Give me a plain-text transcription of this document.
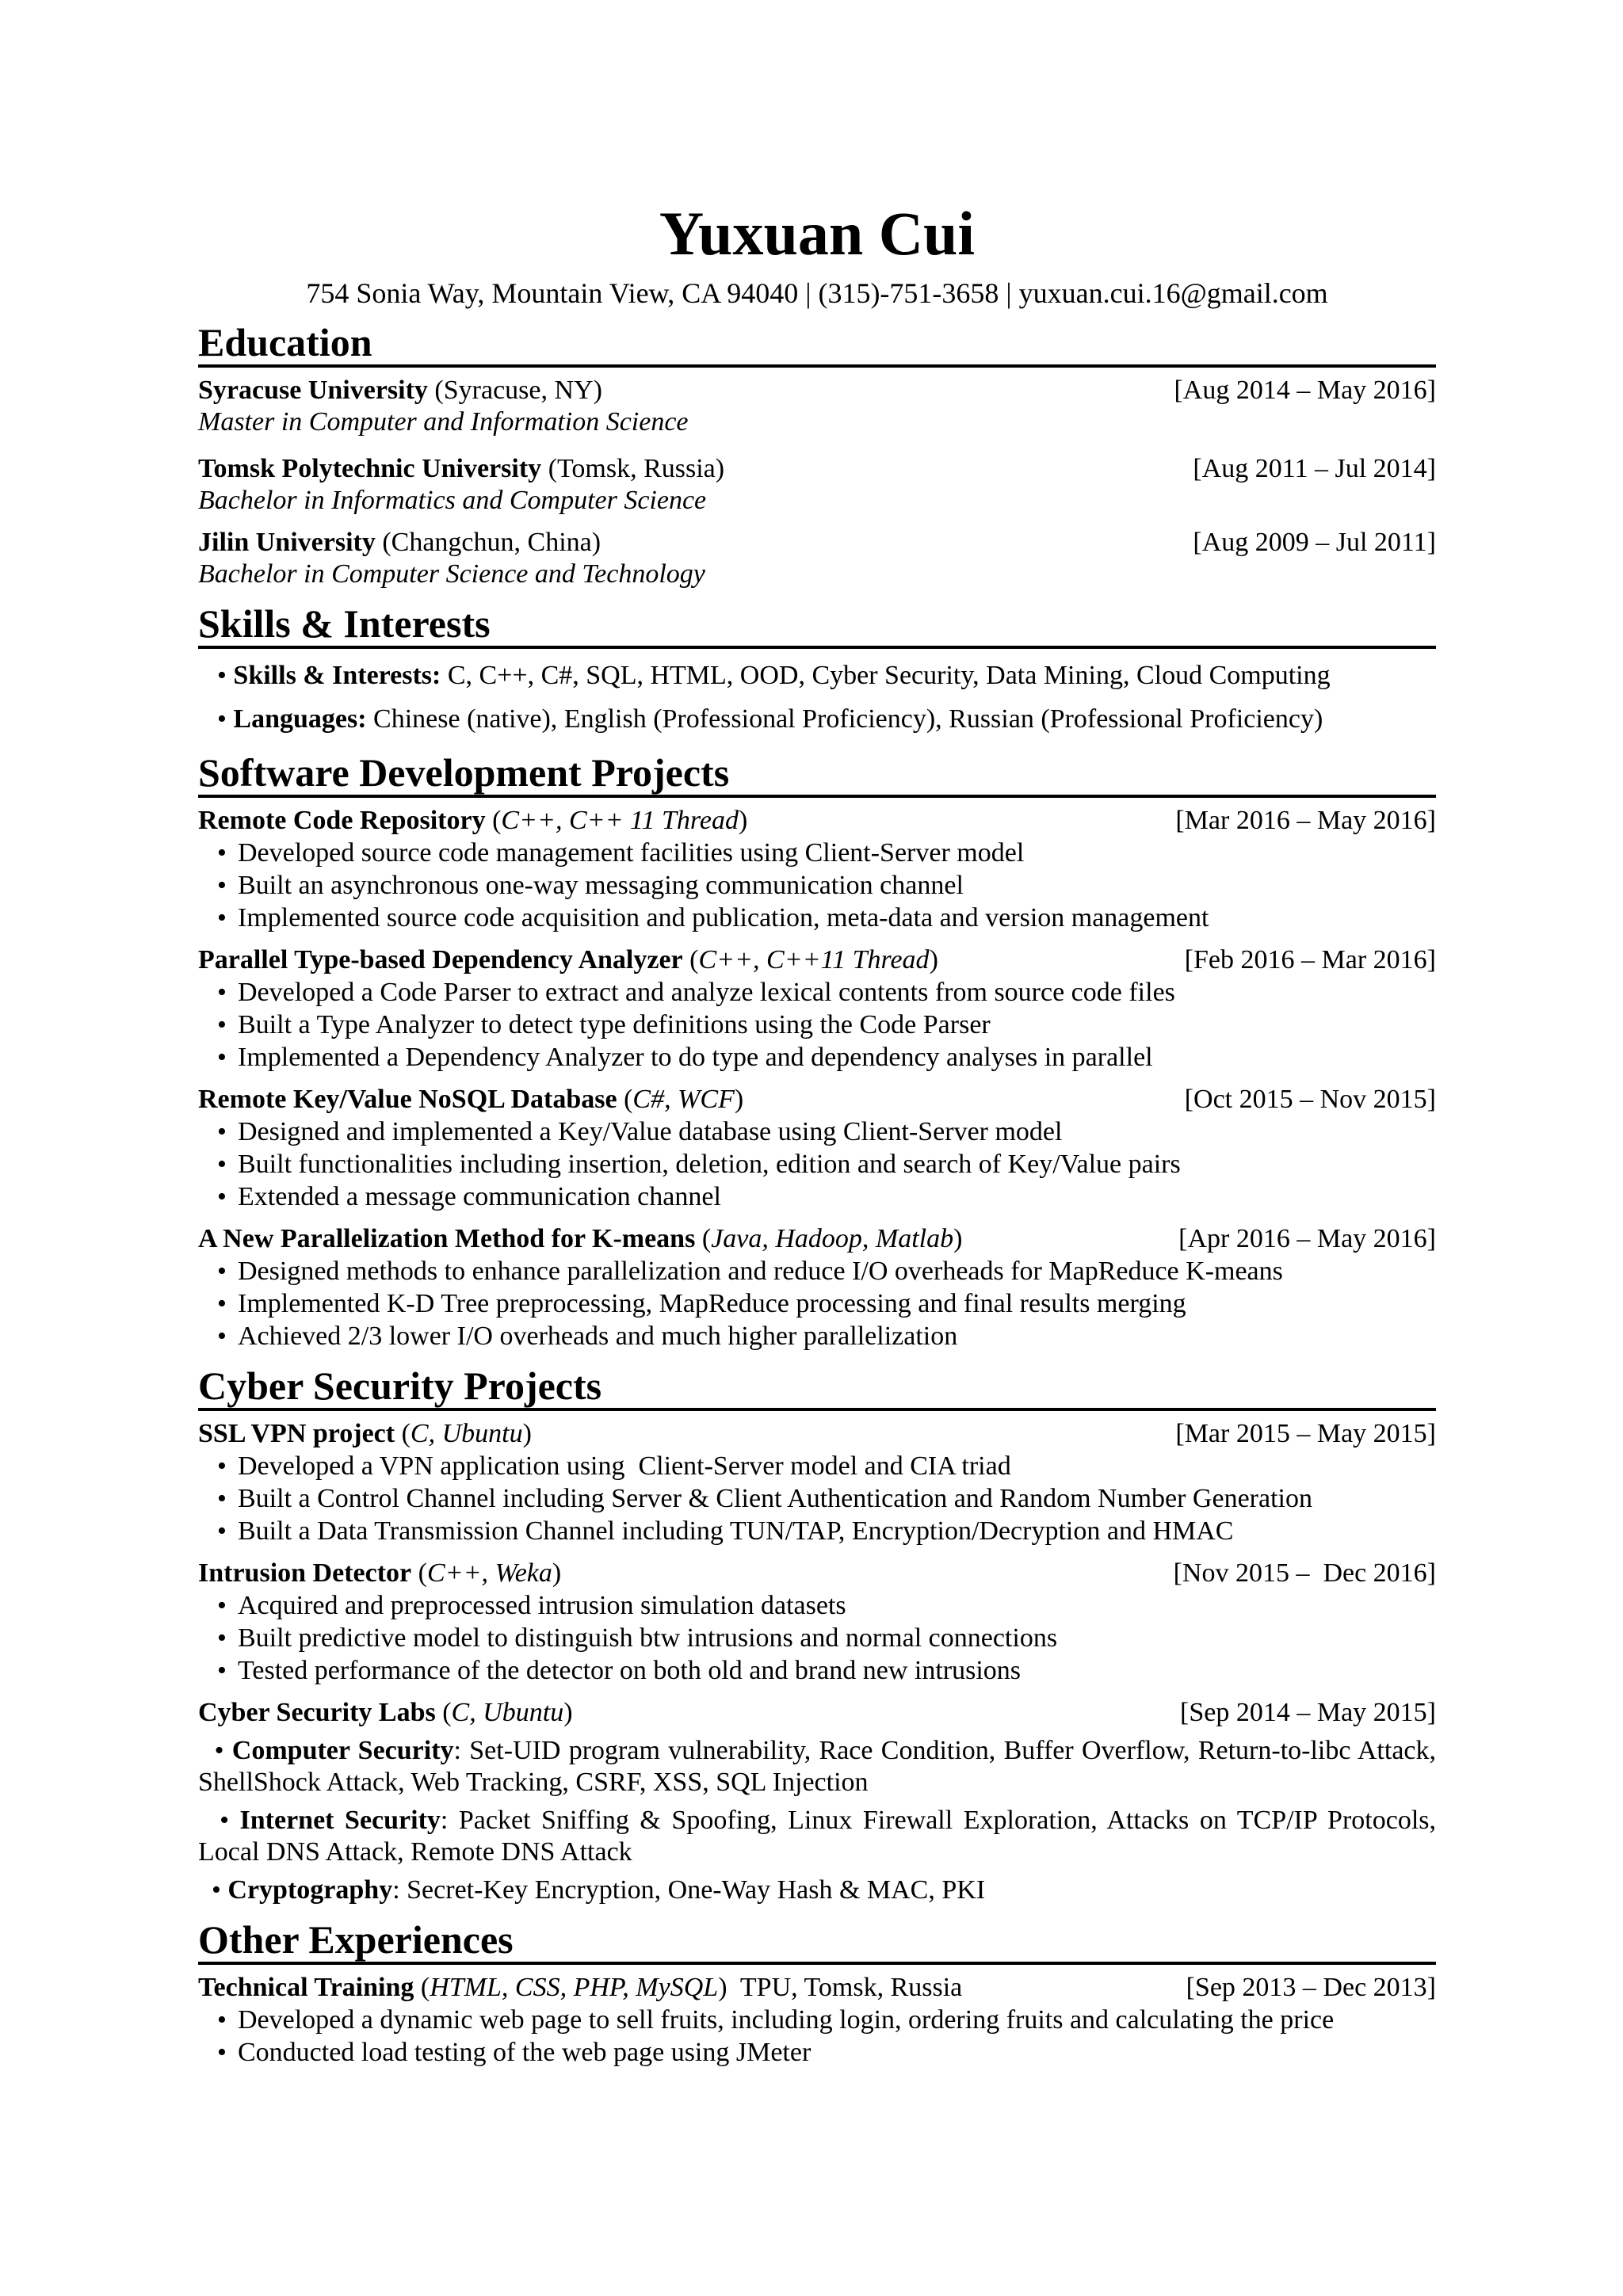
Yuxuan Cui
754 Sonia Way, Mountain View, CA 94040 | (315)-751-3658 | yuxuan.cui.16@gmail.com
Education
Syracuse University (Syracuse, NY)	[Aug 2014 – May 2016]
Master in Computer and Information Science
Tomsk Polytechnic University (Tomsk, Russia)	[Aug 2011 – Jul 2014]
Bachelor in Informatics and Computer Science
Jilin University (Changchun, China)	[Aug 2009 – Jul 2011]
Bachelor in Computer Science and Technology
Skills & Interests
• Skills & Interests: C, C++, C#, SQL, HTML, OOD, Cyber Security, Data Mining, Cloud Computing
• Languages: Chinese (native), English (Professional Proficiency), Russian (Professional Proficiency)
Software Development Projects
Remote Code Repository (C++, C++ 11 Thread)	[Mar 2016 – May 2016]
• Developed source code management facilities using Client-Server model
• Built an asynchronous one-way messaging communication channel
• Implemented source code acquisition and publication, meta-data and version management
Parallel Type-based Dependency Analyzer (C++, C++11 Thread)	[Feb 2016 – Mar 2016]
• Developed a Code Parser to extract and analyze lexical contents from source code files
• Built a Type Analyzer to detect type definitions using the Code Parser
• Implemented a Dependency Analyzer to do type and dependency analyses in parallel
Remote Key/Value NoSQL Database (C#, WCF)	[Oct 2015 – Nov 2015]
• Designed and implemented a Key/Value database using Client-Server model
• Built functionalities including insertion, deletion, edition and search of Key/Value pairs
• Extended a message communication channel
A New Parallelization Method for K-means (Java, Hadoop, Matlab)	[Apr 2016 – May 2016]
• Designed methods to enhance parallelization and reduce I/O overheads for MapReduce K-means
• Implemented K-D Tree preprocessing, MapReduce processing and final results merging
• Achieved 2/3 lower I/O overheads and much higher parallelization
Cyber Security Projects
SSL VPN project (C, Ubuntu)	[Mar 2015 – May 2015]
• Developed a VPN application using  Client-Server model and CIA triad
• Built a Control Channel including Server & Client Authentication and Random Number Generation
• Built a Data Transmission Channel including TUN/TAP, Encryption/Decryption and HMAC
Intrusion Detector (C++, Weka)	[Nov 2015 –  Dec 2016]
• Acquired and preprocessed intrusion simulation datasets
• Built predictive model to distinguish btw intrusions and normal connections
• Tested performance of the detector on both old and brand new intrusions
Cyber Security Labs (C, Ubuntu)	[Sep 2014 – May 2015]
• Computer Security: Set-UID program vulnerability, Race Condition, Buffer Overflow, Return-to-libc Attack, ShellShock Attack, Web Tracking, CSRF, XSS, SQL Injection
• Internet Security: Packet Sniffing & Spoofing, Linux Firewall Exploration, Attacks on TCP/IP Protocols, Local DNS Attack, Remote DNS Attack
• Cryptography: Secret-Key Encryption, One-Way Hash & MAC, PKI
Other Experiences
Technical Training (HTML, CSS, PHP, MySQL)  TPU, Tomsk, Russia	[Sep 2013 – Dec 2013]
• Developed a dynamic web page to sell fruits, including login, ordering fruits and calculating the price
• Conducted load testing of the web page using JMeter
